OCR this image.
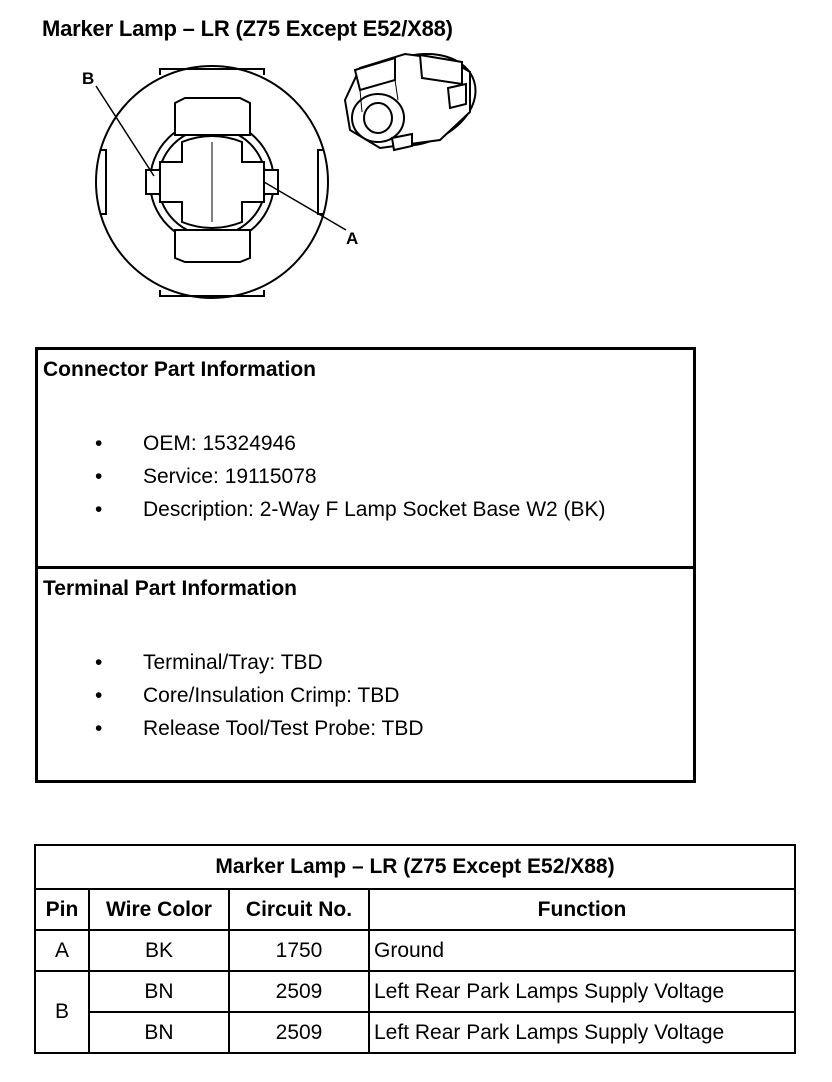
Marker Lamp – LR (Z75 Except E52/X88)
B
A
Connector Part Information
• OEM: 15324946
• Service: 19115078
• Description: 2-Way F Lamp Socket Base W2 (BK)
Terminal Part Information
• Terminal/Tray: TBD
• Core/Insulation Crimp: TBD
• Release Tool/Test Probe: TBD
Marker Lamp – LR (Z75 Except E52/X88)			
Pin	Wire Color	Circuit No.	Function
A	BK	1750	Ground
B	BN	2509	Left Rear Park Lamps Supply Voltage
	BN	2509	Left Rear Park Lamps Supply Voltage
